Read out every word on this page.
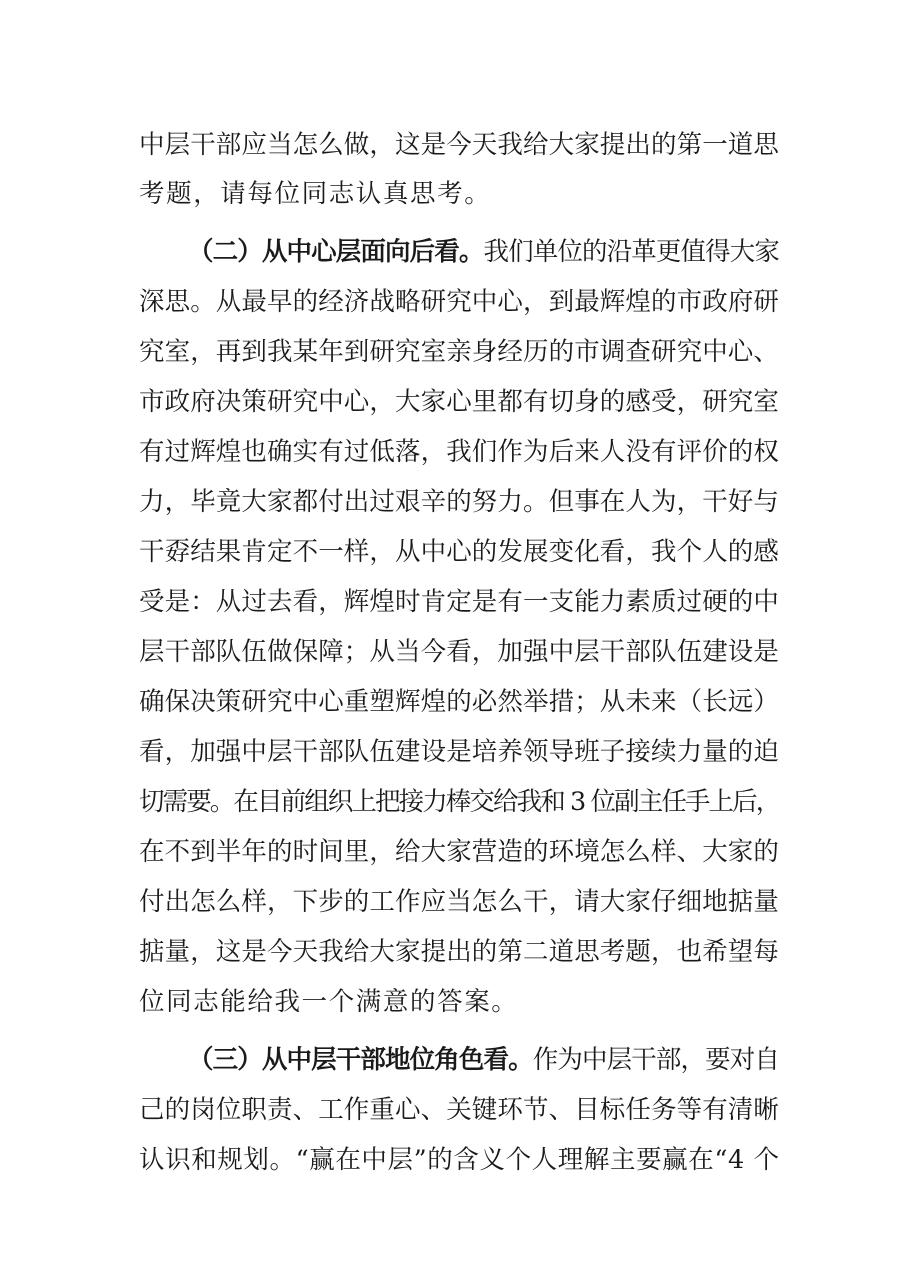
中层干部应当怎么做，这是今天我给大家提出的第一道思
考题，请每位同志认真思考。
（二）从中心层面向后看。我们单位的沿革更值得大家
深思。从最早的经济战略研究中心，到最辉煌的市政府研
究室，再到我某年到研究室亲身经历的市调查研究中心、
市政府决策研究中心，大家心里都有切身的感受，研究室
有过辉煌也确实有过低落，我们作为后来人没有评价的权
力，毕竟大家都付出过艰辛的努力。但事在人为，干好与
干孬结果肯定不一样，从中心的发展变化看，我个人的感
受是：从过去看，辉煌时肯定是有一支能力素质过硬的中
层干部队伍做保障；从当今看，加强中层干部队伍建设是
确保决策研究中心重塑辉煌的必然举措；从未来（长远）
看，加强中层干部队伍建设是培养领导班子接续力量的迫
切需要。在目前组织上把接力棒交给我和 3 位副主任手上后，
在不到半年的时间里，给大家营造的环境怎么样、大家的
付出怎么样，下步的工作应当怎么干，请大家仔细地掂量
掂量，这是今天我给大家提出的第二道思考题，也希望每
位同志能给我一个满意的答案。
（三）从中层干部地位角色看。作为中层干部，要对自
己的岗位职责、工作重心、关键环节、目标任务等有清晰
认识和规划。“赢在中层”的含义个人理解主要赢在“4 个
